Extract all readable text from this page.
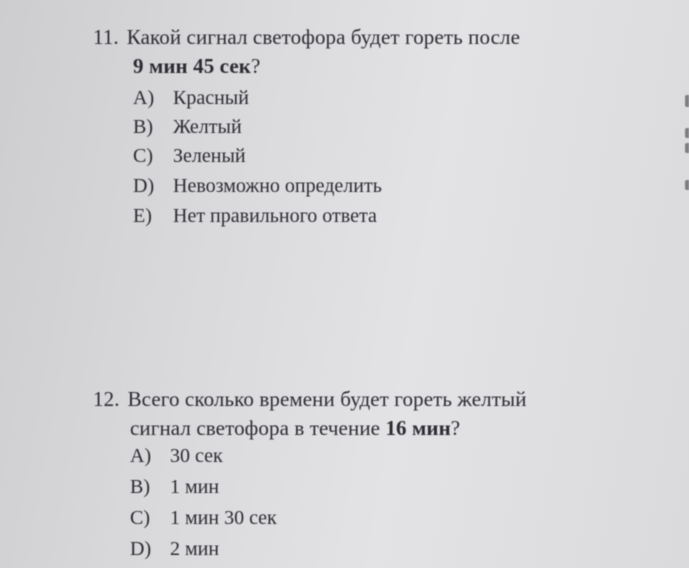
11. Какой сигнал светофора будет гореть после
9 мин 45 сек?
A) Красный
B) Желтый
C) Зеленый
D) Невозможно определить
E) Нет правильного ответа
12. Всего сколько времени будет гореть желтый
сигнал светофора в течение 16 мин?
A) 30 сек
B) 1 мин
C) 1 мин 30 сек
D) 2 мин
